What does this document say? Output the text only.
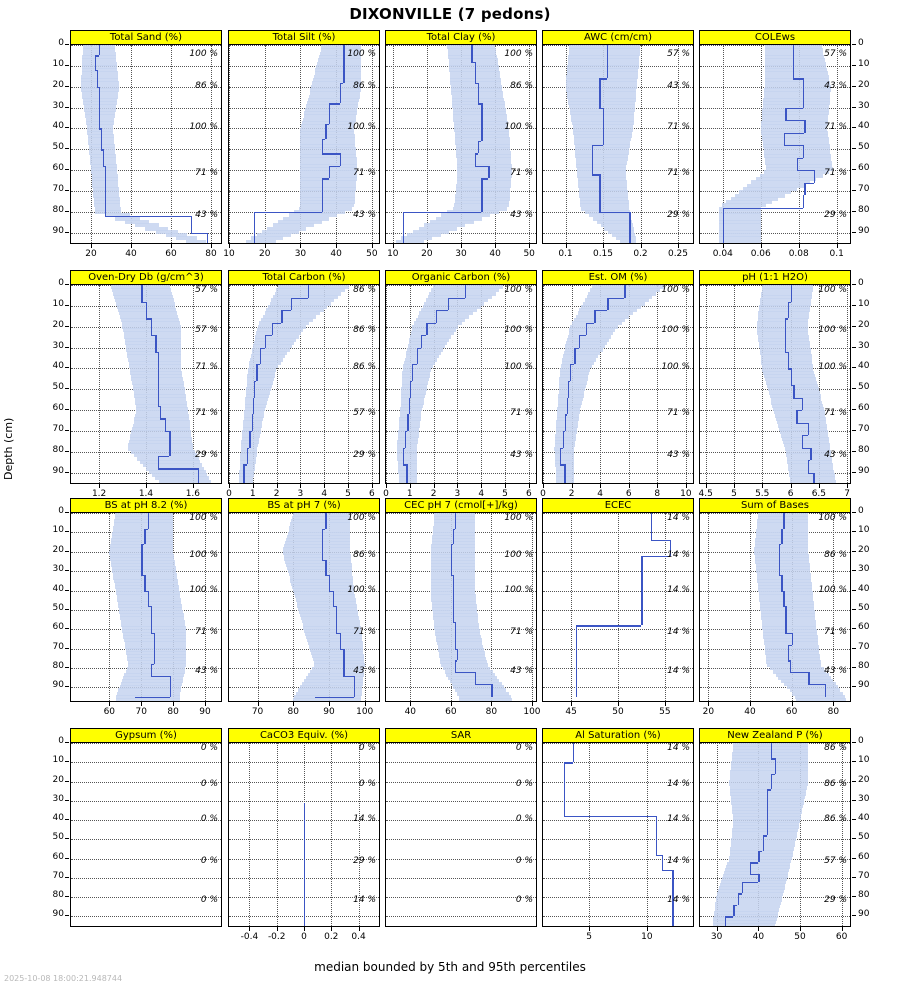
DIXONVILLE (7 pedons)
Depth (cm)
median bounded by 5th and 95th percentiles
2025-10-08 18:00:21.948744
Total Sand (%)
100 %
86 %
100 %
71 %
43 %
Total Silt (%)
100 %
86 %
100 %
71 %
43 %
Total Clay (%)
100 %
86 %
100 %
71 %
43 %
AWC (cm/cm)
57 %
43 %
71 %
71 %
29 %
COLEws
57 %
43 %
71 %
71 %
29 %
Oven-Dry Db (g/cm^3)
57 %
57 %
71 %
71 %
29 %
Total Carbon (%)
86 %
86 %
86 %
57 %
29 %
Organic Carbon (%)
100 %
100 %
100 %
71 %
43 %
Est. OM (%)
100 %
100 %
100 %
71 %
43 %
pH (1:1 H2O)
100 %
100 %
100 %
71 %
43 %
BS at pH 8.2 (%)
100 %
100 %
100 %
71 %
43 %
BS at pH 7 (%)
100 %
86 %
100 %
71 %
43 %
CEC pH 7 (cmol[+]/kg)
100 %
100 %
100 %
71 %
43 %
ECEC
14 %
14 %
14 %
14 %
14 %
Sum of Bases
100 %
86 %
100 %
71 %
43 %
Gypsum (%)
0 %
0 %
0 %
0 %
0 %
CaCO3 Equiv. (%)
0 %
0 %
14 %
29 %
14 %
SAR
0 %
0 %
0 %
0 %
0 %
Al Saturation (%)
14 %
14 %
14 %
14 %
14 %
New Zealand P (%)
86 %
86 %
86 %
57 %
29 %
20	40	60	80 10	20	30	40	50	10	20	30	40	50	0.1	0.15	0.2	0.25	0.04	0.06	0.08	0.1
1.2	1.4	1.6	0	1	2	3	4	5	6 0	1	2	3	4	5	6 0	2	4	6	8	10 4.5	5	5.5	6	6.5	7
60	70	80	90	70	80	90	100	40	60	80	100	45	50	55	20	40	60	80
-0.4	-0.2	0	0.2	0.4	5	10	30	40	50	60
0	0
10	10
20	20
30	30
40	40
50	50
60	60
70	70
80	80
90	90
0	0
10	10
20	20
30	30
40	40
50	50
60	60
70	70
80	80
90	90
0	0
10	10
20	20
30	30
40	40
50	50
60	60
70	70
80	80
90	90
0	0
10	10
20	20
30	30
40	40
50	50
60	60
70	70
80	80
90	90
